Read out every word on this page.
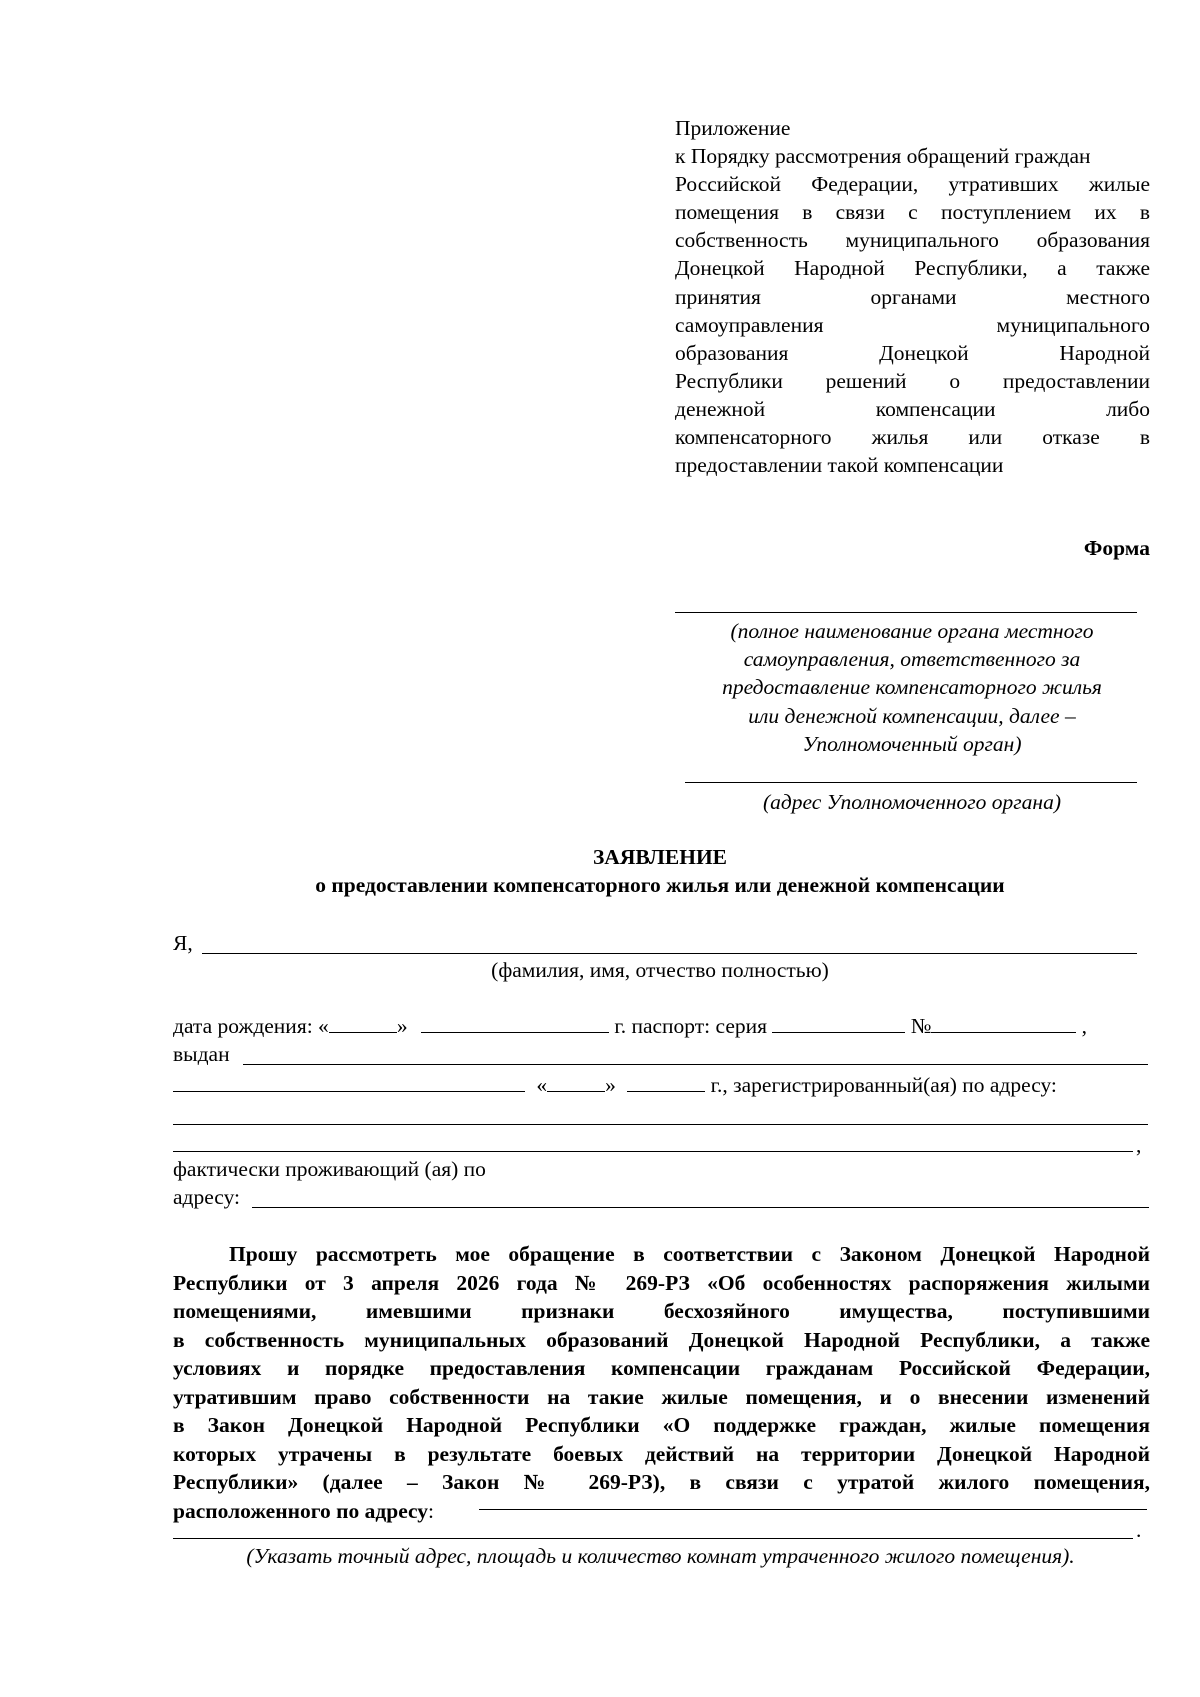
Приложение
к Порядку рассмотрения обращений граждан
Российской Федерации, утративших жилые
помещения в связи с поступлением их в
собственность муниципального образования
Донецкой Народной Республики, а также
принятия органами местного
самоуправления муниципального
образования Донецкой Народной
Республики решений о предоставлении
денежной компенсации либо
компенсаторного жилья или отказе в
предоставлении такой компенсации
Форма
(полное наименование органа местного
самоуправления, ответственного за
предоставление компенсаторного жилья
или денежной компенсации, далее –
Уполномоченный орган)
(адрес Уполномоченного органа)
ЗАЯВЛЕНИЕ
о предоставлении компенсаторного жилья или денежной компенсации
Я,
(фамилия, имя, отчество полностью)
дата рождения: «	»	г. паспорт: серия	№	,
выдан
«	»	г., зарегистрированный(ая) по адресу:
,
фактически проживающий (ая) по
адресу:
Прошу рассмотреть мое обращение в соответствии с Законом Донецкой Народной
Республики от 3 апреля 2026 года № 269-РЗ «Об особенностях распоряжения жилыми
помещениями, имевшими признаки бесхозяйного имущества, поступившими
в собственность муниципальных образований Донецкой Народной Республики, а также
условиях и порядке предоставления компенсации гражданам Российской Федерации,
утратившим право собственности на такие жилые помещения, и о внесении изменений
в Закон Донецкой Народной Республики «О поддержке граждан, жилые помещения
которых утрачены в результате боевых действий на территории Донецкой Народной
Республики» (далее – Закон № 269-РЗ), в связи с утратой жилого помещения,
расположенного по адресу:
.
(Указать точный адрес, площадь и количество комнат утраченного жилого помещения).
